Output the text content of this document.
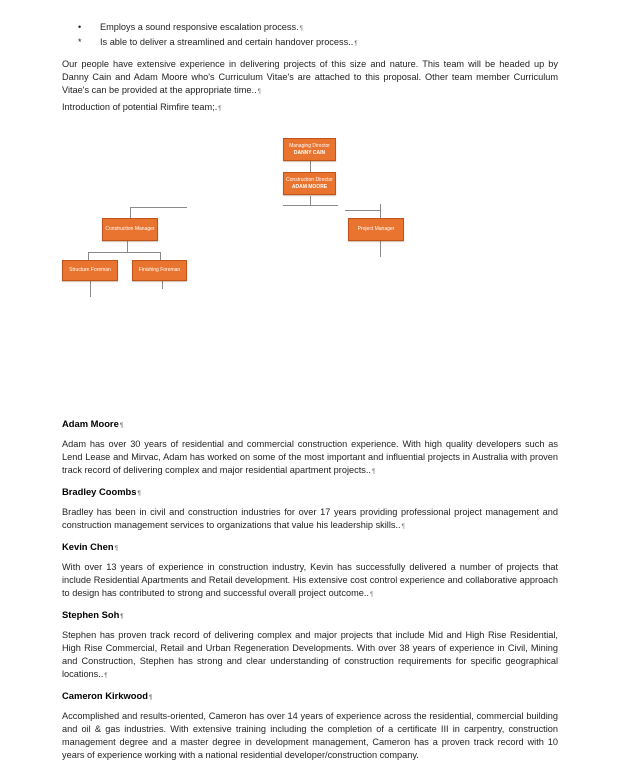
•	Employs a sound responsive escalation process.¶
*	Is able to deliver a streamlined and certain handover process..¶

Our people have extensive experience in delivering projects of this size and nature. This team will be headed up by Danny Cain and Adam Moore who's Curriculum Vitae's are attached to this proposal. Other team member Curriculum Vitae's can be provided at the appropriate time..¶

Introduction of potential Rimfire team;.¶

Managing Director
DANNY CAIN
Construction Director
ADAM MOORE
Construction Manager	Project Manager
Structure Foreman	Finishing Foreman
Adam Moore¶

Adam has over 30 years of residential and commercial construction experience. With high quality developers such as Lend Lease and Mirvac, Adam has worked on some of the most important and influential projects in Australia with proven track record of delivering complex and major residential apartment projects..¶

Bradley Coombs¶

Bradley has been in civil and construction industries for over 17 years providing professional project management and construction management services to organizations that value his leadership skills..¶

Kevin Chen¶

With over 13 years of experience in construction industry, Kevin has successfully delivered a number of projects that include Residential Apartments and Retail development. His extensive cost control experience and collaborative approach to design has contributed to strong and successful overall project outcome..¶

Stephen Soh¶

Stephen has proven track record of delivering complex and major projects that include Mid and High Rise Residential, High Rise Commercial, Retail and Urban Regeneration Developments. With over 38 years of experience in Civil, Mining and Construction, Stephen has strong and clear understanding of construction requirements for specific geographical locations..¶

Cameron Kirkwood¶

Accomplished and results-oriented, Cameron has over 14 years of experience across the residential, commercial building and oil & gas industries. With extensive training including the completion of a certificate III in carpentry, construction management degree and a master degree in development management, Cameron has a proven track record with 10 years of experience working with a national residential developer/construction company.
